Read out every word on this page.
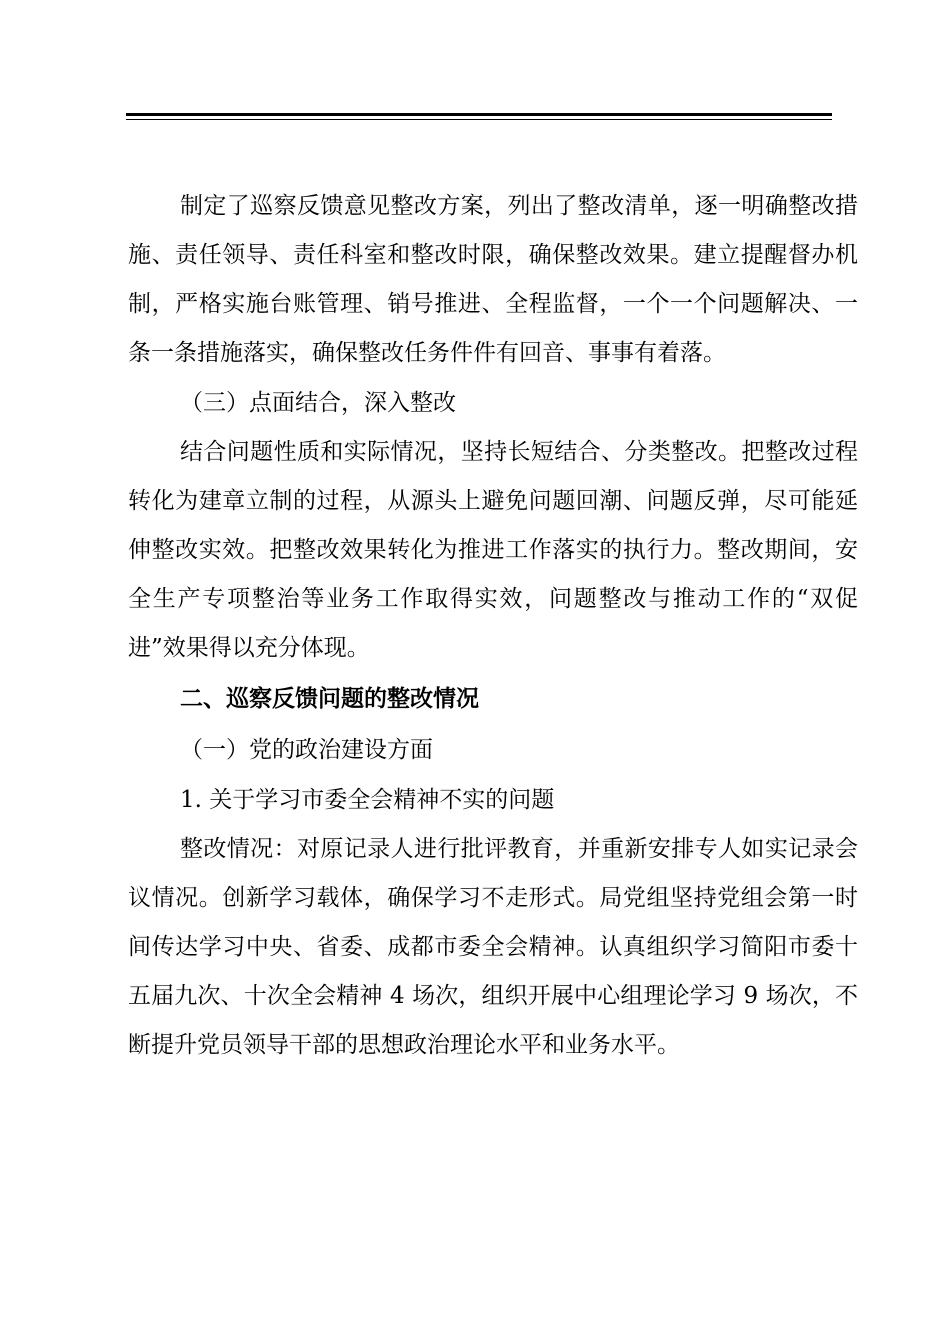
制定了巡察反馈意见整改方案，列出了整改清单，逐一明确整改措施、责任领导、责任科室和整改时限，确保整改效果。建立提醒督办机制，严格实施台账管理、销号推进、全程监督，一个一个问题解决、一条一条措施落实，确保整改任务件件有回音、事事有着落。

（三）点面结合，深入整改

结合问题性质和实际情况，坚持长短结合、分类整改。把整改过程转化为建章立制的过程，从源头上避免问题回潮、问题反弹，尽可能延伸整改实效。把整改效果转化为推进工作落实的执行力。整改期间，安全生产专项整治等业务工作取得实效，问题整改与推动工作的“双促进”效果得以充分体现。

二、巡察反馈问题的整改情况

（一）党的政治建设方面

1. 关于学习市委全会精神不实的问题

整改情况：对原记录人进行批评教育，并重新安排专人如实记录会议情况。创新学习载体，确保学习不走形式。局党组坚持党组会第一时间传达学习中央、省委、成都市委全会精神。认真组织学习简阳市委十五届九次、十次全会精神 4 场次，组织开展中心组理论学习 9 场次，不断提升党员领导干部的思想政治理论水平和业务水平。
